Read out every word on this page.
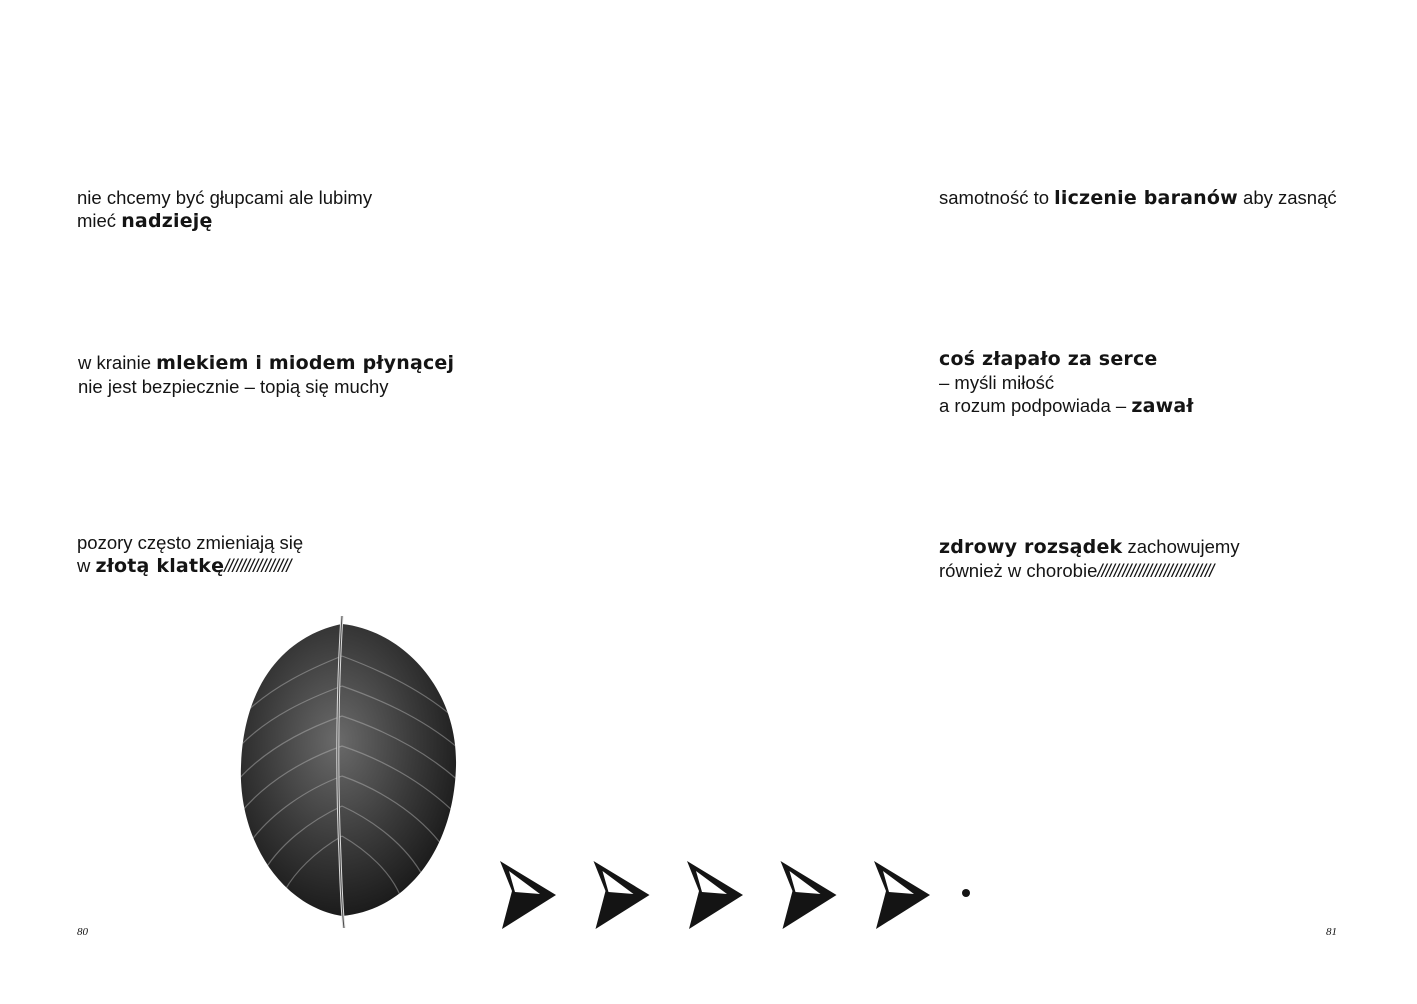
nie chcemy być głupcami ale lubimy
mieć nadzieję

w krainie mlekiem i miodem płynącej
nie jest bezpiecznie – topią się muchy

pozory często zmieniają się
w złotą klatkę////////////////

80

samotność to liczenie baranów aby zasnąć

coś złapało za serce
– myśli miłość
a rozum podpowiada – zawał

zdrowy rozsądek zachowujemy
również w chorobie////////////////////////////

81
